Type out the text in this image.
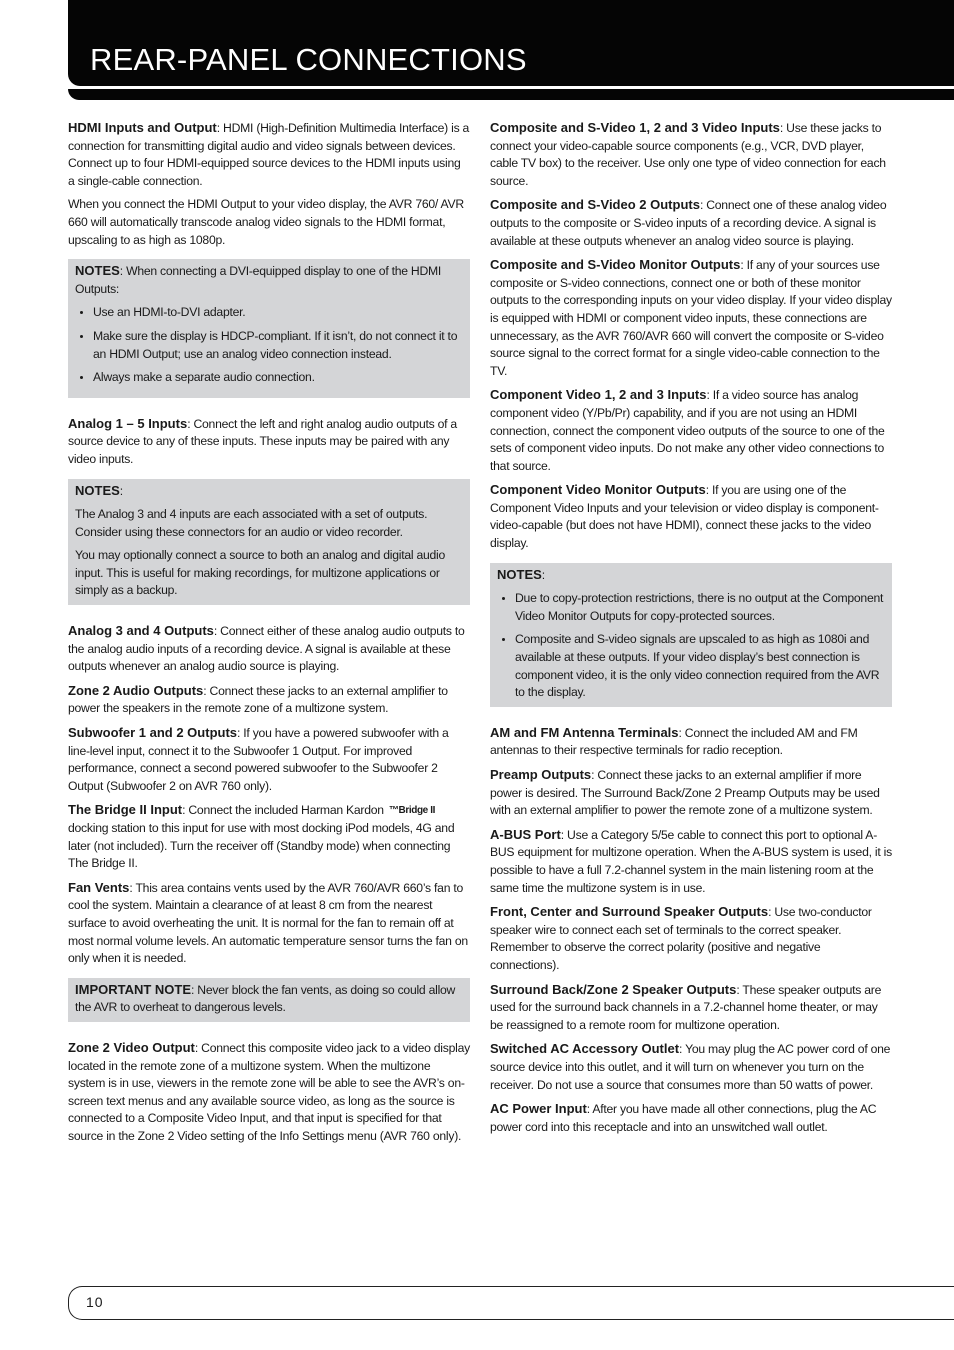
REAR-PANEL CONNECTIONS

HDMI Inputs and Output: HDMI (High-Definition Multimedia Interface) is a connection for transmitting digital audio and video signals between devices. Connect up to four HDMI-equipped source devices to the HDMI inputs using a single-cable connection.

When you connect the HDMI Output to your video display, the AVR 760/ AVR 660 will automatically transcode analog video signals to the HDMI format, upscaling to as high as 1080p.

NOTES: When connecting a DVI-equipped display to one of the HDMI Outputs:

• Use an HDMI-to-DVI adapter.
• Make sure the display is HDCP-compliant. If it isn’t, do not connect it to an HDMI Output; use an analog video connection instead.
• Always make a separate audio connection.

Analog 1 – 5 Inputs: Connect the left and right analog audio outputs of a source device to any of these inputs. These inputs may be paired with any video inputs.

NOTES:

The Analog 3 and 4 inputs are each associated with a set of outputs. Consider using these connectors for an audio or video recorder.

You may optionally connect a source to both an analog and digital audio input. This is useful for making recordings, for multizone applications or simply as a backup.

Analog 3 and 4 Outputs: Connect either of these analog audio outputs to the analog audio inputs of a recording device. A signal is available at these outputs whenever an analog audio source is playing.

Zone 2 Audio Outputs: Connect these jacks to an external amplifier to power the speakers in the remote zone of a multizone system.

Subwoofer 1 and 2 Outputs: If you have a powered subwoofer with a line-level input, connect it to the Subwoofer 1 Output. For improved performance, connect a second powered subwoofer to the Subwoofer 2 Output (Subwoofer 2 on AVR 760 only).

The Bridge II Input: Connect the included Harman Kardon ™Bridge II docking station to this input for use with most docking iPod models, 4G and later (not included). Turn the receiver off (Standby mode) when connecting The Bridge II.

Fan Vents: This area contains vents used by the AVR 760/AVR 660’s fan to cool the system. Maintain a clearance of at least 8 cm from the nearest surface to avoid overheating the unit. It is normal for the fan to remain off at most normal volume levels. An automatic temperature sensor turns the fan on only when it is needed.

IMPORTANT NOTE: Never block the fan vents, as doing so could allow the AVR to overheat to dangerous levels.

Zone 2 Video Output: Connect this composite video jack to a video display located in the remote zone of a multizone system. When the multizone system is in use, viewers in the remote zone will be able to see the AVR’s on-screen text menus and any available source video, as long as the source is connected to a Composite Video Input, and that input is specified for that source in the Zone 2 Video setting of the Info Settings menu (AVR 760 only).

Composite and S-Video 1, 2 and 3 Video Inputs: Use these jacks to connect your video-capable source components (e.g., VCR, DVD player, cable TV box) to the receiver. Use only one type of video connection for each source.

Composite and S-Video 2 Outputs: Connect one of these analog video outputs to the composite or S-video inputs of a recording device. A signal is available at these outputs whenever an analog video source is playing.

Composite and S-Video Monitor Outputs: If any of your sources use composite or S-video connections, connect one or both of these monitor outputs to the corresponding inputs on your video display. If your video display is equipped with HDMI or component video inputs, these connections are unnecessary, as the AVR 760/AVR 660 will convert the composite or S-video source signal to the correct format for a single video-cable connection to the TV.

Component Video 1, 2 and 3 Inputs: If a video source has analog component video (Y/Pb/Pr) capability, and if you are not using an HDMI connection, connect the component video outputs of the source to one of the sets of component video inputs. Do not make any other video connections to that source.

Component Video Monitor Outputs: If you are using one of the Component Video Inputs and your television or video display is component-video-capable (but does not have HDMI), connect these jacks to the video display.

NOTES:

• Due to copy-protection restrictions, there is no output at the Component Video Monitor Outputs for copy-protected sources.
• Composite and S-video signals are upscaled to as high as 1080i and available at these outputs. If your video display’s best connection is component video, it is the only video connection required from the AVR to the display.

AM and FM Antenna Terminals: Connect the included AM and FM antennas to their respective terminals for radio reception.

Preamp Outputs: Connect these jacks to an external amplifier if more power is desired. The Surround Back/Zone 2 Preamp Outputs may be used with an external amplifier to power the remote zone of a multizone system.

A-BUS Port: Use a Category 5/5e cable to connect this port to optional A-BUS equipment for multizone operation. When the A-BUS system is used, it is possible to have a full 7.2-channel system in the main listening room at the same time the multizone system is in use.

Front, Center and Surround Speaker Outputs: Use two-conductor speaker wire to connect each set of terminals to the correct speaker. Remember to observe the correct polarity (positive and negative connections).

Surround Back/Zone 2 Speaker Outputs: These speaker outputs are used for the surround back channels in a 7.2-channel home theater, or may be reassigned to a remote room for multizone operation.

Switched AC Accessory Outlet: You may plug the AC power cord of one source device into this outlet, and it will turn on whenever you turn on the receiver. Do not use a source that consumes more than 50 watts of power.

AC Power Input: After you have made all other connections, plug the AC power cord into this receptacle and into an unswitched wall outlet.

10
